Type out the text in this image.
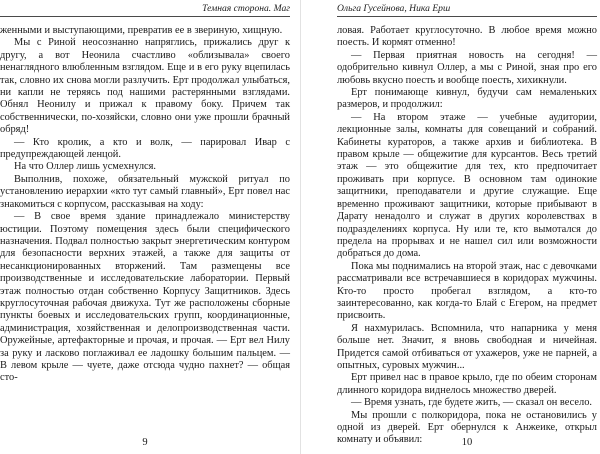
Темная сторона. Маг

женными и выступающими, превратив ее в звериную, хищную.

Мы с Риной неосознанно напряглись, прижались друг к другу, а вот Неонила счастливо «облизывала» своего ненаглядного влюбленным взглядом. Еще и в его руку вцепилась так, словно их снова могли разлучить. Ерт продолжал улыбаться, ни капли не теряясь под нашими растерянными взглядами. Обнял Неонилу и прижал к правому боку. Причем так собственнически, по-хозяйски, словно они уже прошли брачный обряд!

— Кто кролик, а кто и волк, — парировал Ивар с предупреждающей ленцой.

На что Оллер лишь усмехнулся.

Выполнив, похоже, обязательный мужской ритуал по установлению иерархии «кто тут самый главный», Ерт повел нас знакомиться с корпусом, рассказывая на ходу:

— В свое время здание принадлежало министерству юстиции. Поэтому помещения здесь были специфического назначения. Подвал полностью закрыт энергетическим контуром для безопасности верхних этажей, а также для защиты от несанкционированных вторжений. Там размещены все производственные и исследовательские лаборатории. Первый этаж полностью отдан собственно Корпусу Защитников. Здесь круглосуточная рабочая движуха. Тут же расположены сборные пункты боевых и исследовательских групп, координационные, администрация, хозяйственная и делопроизводственная части. Оружейные, артефакторные и прочая, и прочая. — Ерт вел Нилу за руку и ласково поглаживал ее ладошку большим пальцем. — В левом крыле — чуете, даже отсюда чудно пахнет? — общая сто-

9
Ольга Гусейнова, Ника Ерш

ловая. Работает круглосуточно. В любое время можно поесть. И кормят отменно!

— Первая приятная новость на сегодня! — одобрительно кивнул Оллер, а мы с Риной, зная про его любовь вкусно поесть и вообще поесть, хихикнули.

Ерт понимающе кивнул, будучи сам немаленьких размеров, и продолжил:

— На втором этаже — учебные аудитории, лекционные залы, комнаты для совещаний и собраний. Кабинеты кураторов, а также архив и библиотека. В правом крыле — общежитие для курсантов. Весь третий этаж — это общежитие для тех, кто предпочитает проживать при корпусе. В основном там одинокие защитники, преподаватели и другие служащие. Еще временно проживают защитники, которые прибывают в Дарату ненадолго и служат в других королевствах в подразделениях корпуса. Ну или те, кто вымотался до предела на прорывах и не нашел сил или возможности добраться до дома.

Пока мы поднимались на второй этаж, нас с девочками рассматривали все встречавшиеся в коридорах мужчины. Кто-то просто пробегал взглядом, а кто-то заинтересованно, как когда-то Блай с Егером, на предмет присвоить.

Я нахмурилась. Вспомнила, что напарника у меня больше нет. Значит, я вновь свободная и ничейная. Придется самой отбиваться от ухажеров, уже не парней, а опытных, суровых мужчин...

Ерт привел нас в правое крыло, где по обеим сторонам длинного коридора виднелось множество дверей.

— Время узнать, где будете жить, — сказал он весело.

Мы прошли с полкоридора, пока не остановились у одной из дверей. Ерт обернулся к Анжеике, открыл комнату и объявил:	10
